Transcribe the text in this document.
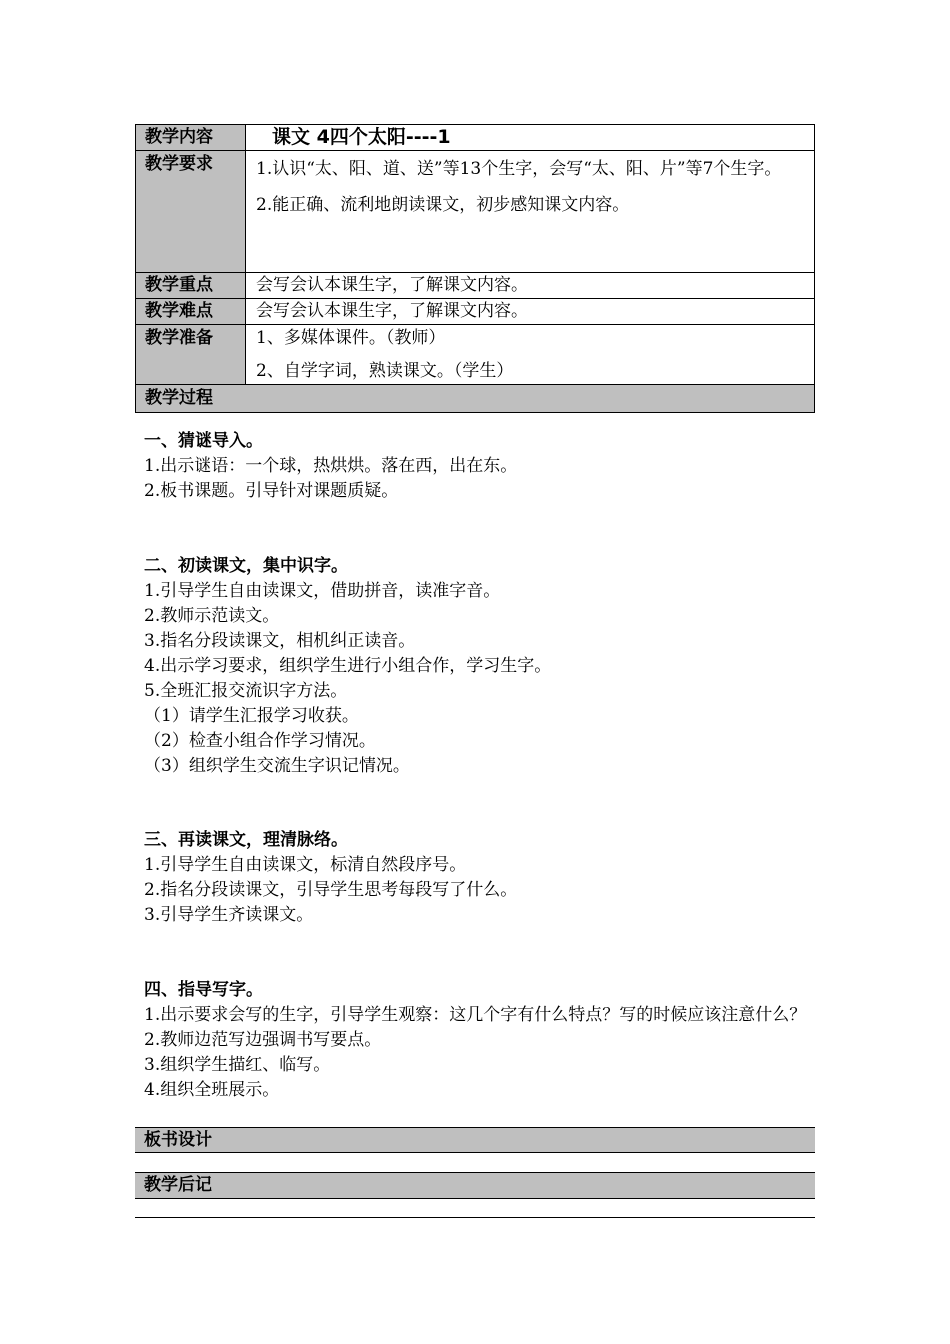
教学内容	课文 4四个太阳----1
教学要求	1.认识“太、阳、道、送”等13个生字，会写“太、阳、片”等7个生字。
2.能正确、流利地朗读课文，初步感知课文内容。

教学重点	会写会认本课生字，了解课文内容。
教学难点	会写会认本课生字，了解课文内容。
教学准备	1、多媒体课件。（教师）
2、自学字词，熟读课文。（学生）

教学过程	
一、猜谜导入。
1.出示谜语：一个球，热烘烘。落在西，出在东。
2.板书课题。引导针对课题质疑。
二、初读课文，集中识字。
1.引导学生自由读课文，借助拼音，读准字音。
2.教师示范读文。
3.指名分段读课文，相机纠正读音。
4.出示学习要求，组织学生进行小组合作，学习生字。
5.全班汇报交流识字方法。
（1）请学生汇报学习收获。
（2）检查小组合作学习情况。
（3）组织学生交流生字识记情况。
三、再读课文，理清脉络。
1.引导学生自由读课文，标清自然段序号。
2.指名分段读课文，引导学生思考每段写了什么。
3.引导学生齐读课文。
四、指导写字。
1.出示要求会写的生字，引导学生观察：这几个字有什么特点？写的时候应该注意什么？
2.教师边范写边强调书写要点。
3.组织学生描红、临写。
4.组织全班展示。
板书设计
教学后记
